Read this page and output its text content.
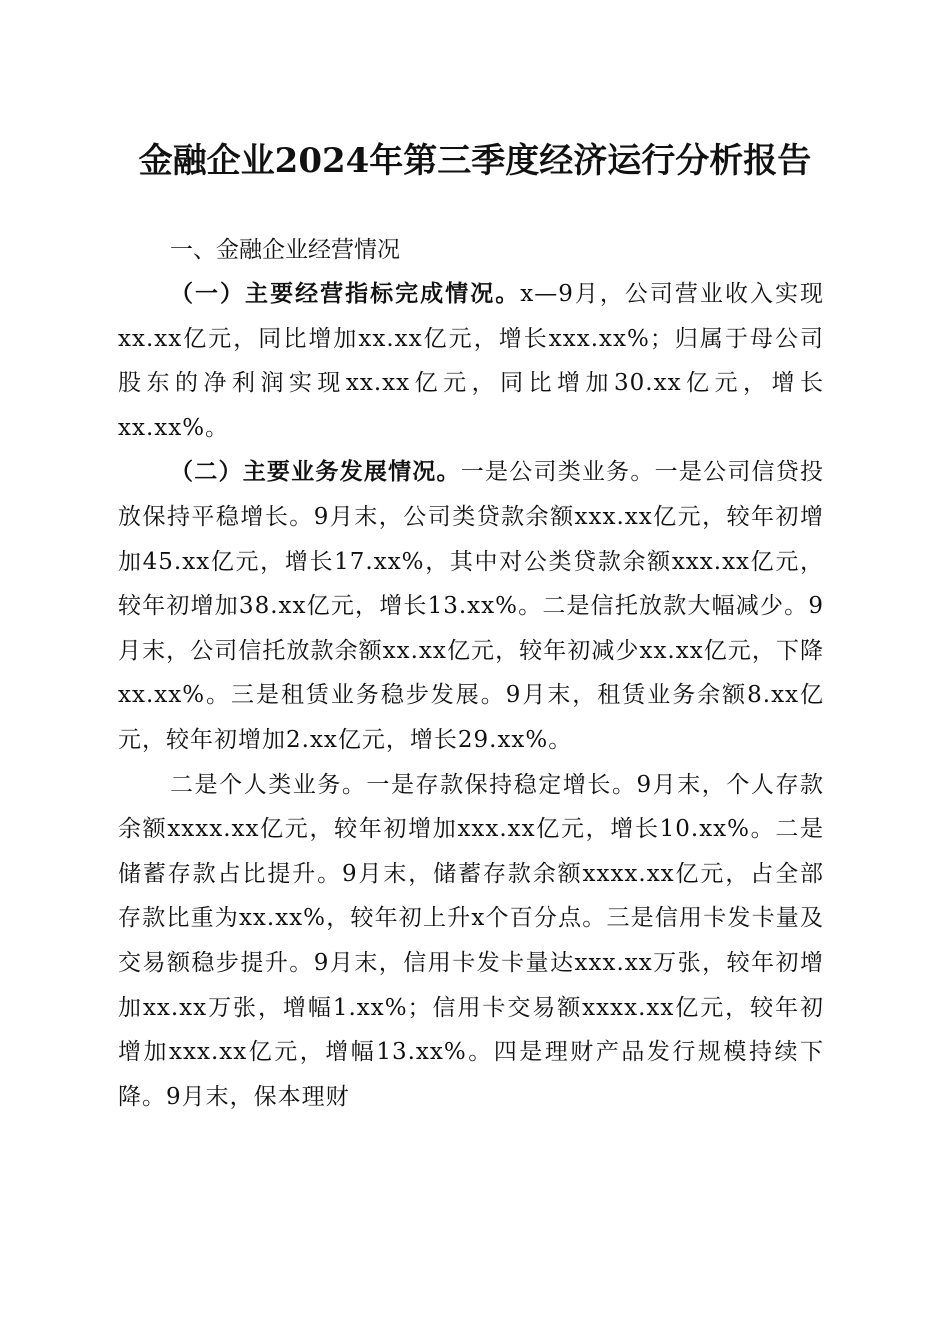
金融企业2024年第三季度经济运行分析报告
一、金融企业经营情况

（一）主要经营指标完成情况。x—9月，公司营业收入实现xx.xx亿元，同比增加xx.xx亿元，增长xxx.xx%；归属于母公司股东的净利润实现xx.xx亿元，同比增加30.xx亿元，增长xx.xx%。

（二）主要业务发展情况。一是公司类业务。一是公司信贷投放保持平稳增长。9月末，公司类贷款余额xxx.xx亿元，较年初增加45.xx亿元，增长17.xx%，其中对公类贷款余额xxx.xx亿元，较年初增加38.xx亿元，增长13.xx%。二是信托放款大幅减少。9月末，公司信托放款余额xx.xx亿元，较年初减少xx.xx亿元，下降xx.xx%。三是租赁业务稳步发展。9月末，租赁业务余额8.xx亿元，较年初增加2.xx亿元，增长29.xx%。

二是个人类业务。一是存款保持稳定增长。9月末，个人存款余额xxxx.xx亿元，较年初增加xxx.xx亿元，增长10.xx%。二是储蓄存款占比提升。9月末，储蓄存款余额xxxx.xx亿元，占全部存款比重为xx.xx%，较年初上升x个百分点。三是信用卡发卡量及交易额稳步提升。9月末，信用卡发卡量达xxx.xx万张，较年初增加xx.xx万张，增幅1.xx%；信用卡交易额xxxx.xx亿元，较年初增加xxx.xx亿元，增幅13.xx%。四是理财产品发行规模持续下降。9月末，保本理财
